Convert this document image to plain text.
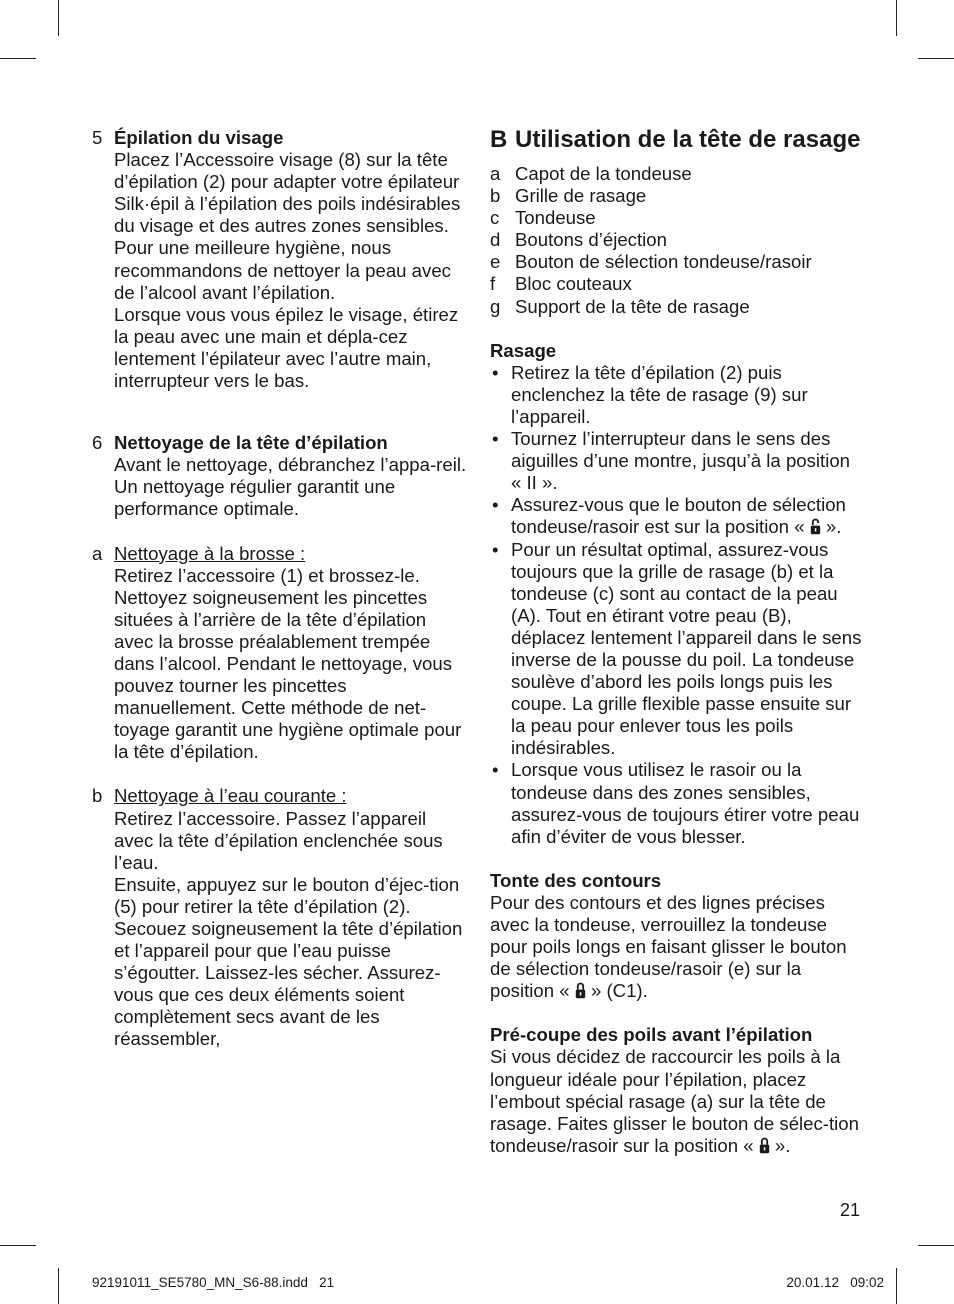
5 Épilation du visage
Placez l’Accessoire visage (8) sur la tête d’épilation (2) pour adapter votre épilateur Silk·épil à l’épilation des poils indésirables du visage et des autres zones sensibles.
Pour une meilleure hygiène, nous recommandons de nettoyer la peau avec de l’alcool avant l’épilation.
Lorsque vous vous épilez le visage, étirez la peau avec une main et dépla-cez lentement l’épilateur avec l’autre main, interrupteur vers le bas.
6 Nettoyage de la tête d’épilation
Avant le nettoyage, débranchez l’appa-reil. Un nettoyage régulier garantit une performance optimale.
a Nettoyage à la brosse :
Retirez l’accessoire (1) et brossez-le. Nettoyez soigneusement les pincettes situées à l’arrière de la tête d’épilation avec la brosse préalablement trempée dans l’alcool. Pendant le nettoyage, vous pouvez tourner les pincettes manuellement. Cette méthode de net-toyage garantit une hygiène optimale pour la tête d’épilation.
b Nettoyage à l’eau courante :
Retirez l’accessoire. Passez l’appareil avec la tête d’épilation enclenchée sous l’eau.
Ensuite, appuyez sur le bouton d’éjec-tion (5) pour retirer la tête d’épilation (2).
Secouez soigneusement la tête d’épilation et l’appareil pour que l’eau puisse s’égoutter. Laissez-les sécher. Assurez-vous que ces deux éléments soient complètement secs avant de les réassembler,
B Utilisation de la tête de rasage
a Capot de la tondeuse
b Grille de rasage
c Tondeuse
d Boutons d’éjection
e Bouton de sélection tondeuse/rasoir
f Bloc couteaux
g Support de la tête de rasage
Rasage
• Retirez la tête d’épilation (2) puis enclenchez la tête de rasage (9) sur l’appareil.
• Tournez l’interrupteur dans le sens des aiguilles d’une montre, jusqu’à la position « II ».
• Assurez-vous que le bouton de sélection tondeuse/rasoir est sur la position « ».
• Pour un résultat optimal, assurez-vous toujours que la grille de rasage (b) et la tondeuse (c) sont au contact de la peau (A). Tout en étirant votre peau (B), déplacez lentement l’appareil dans le sens inverse de la pousse du poil. La tondeuse soulève d’abord les poils longs puis les coupe. La grille flexible passe ensuite sur la peau pour enlever tous les poils indésirables.
• Lorsque vous utilisez le rasoir ou la tondeuse dans des zones sensibles, assurez-vous de toujours étirer votre peau afin d’éviter de vous blesser.
Tonte des contours
Pour des contours et des lignes précises avec la tondeuse, verrouillez la tondeuse pour poils longs en faisant glisser le bouton de sélection tondeuse/rasoir (e) sur la position « » (C1).
Pré-coupe des poils avant l’épilation
Si vous décidez de raccourcir les poils à la longueur idéale pour l’épilation, placez l’embout spécial rasage (a) sur la tête de rasage. Faites glisser le bouton de sélec-tion tondeuse/rasoir sur la position « ».
21
92191011_SE5780_MN_S6-88.indd   21	20.01.12   09:02
